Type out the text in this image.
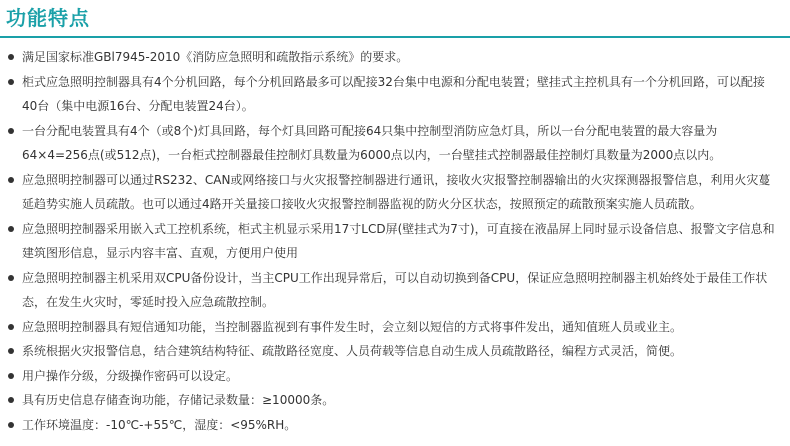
功能特点
满足国家标准GBl7945-2010《消防应急照明和疏散指示系统》的要求。
柜式应急照明控制器具有4个分机回路，每个分机回路最多可以配接32台集中电源和分配电装置；壁挂式主控机具有一个分机回路，可以配接40台（集中电源16台、分配电装置24台）。
一台分配电装置具有4个（或8个)灯具回路，每个灯具回路可配接64只集中控制型消防应急灯具，所以一台分配电装置的最大容量为64×4=256点(或512点)，一台柜式控制器最佳控制灯具数量为6000点以内，一台壁挂式控制器最佳控制灯具数量为2000点以内。
应急照明控制器可以通过RS232、CAN或网络接口与火灾报警控制器进行通讯，接收火灾报警控制器输出的火灾探测器报警信息，利用火灾蔓延趋势实施人员疏散。也可以通过4路开关量接口接收火灾报警控制器监视的防火分区状态，按照预定的疏散预案实施人员疏散。
应急照明控制器采用嵌入式工控机系统，柜式主机显示采用17寸LCD屏(壁挂式为7寸)，可直接在液晶屏上同时显示设备信息、报警文字信息和建筑图形信息，显示内容丰富、直观，方便用户使用
应急照明控制器主机采用双CPU备份设计，当主CPU工作出现异常后，可以自动切换到备CPU，保证应急照明控制器主机始终处于最佳工作状态，在发生火灾时，零延时投入应急疏散控制。
应急照明控制器具有短信通知功能，当控制器监视到有事件发生时，会立刻以短信的方式将事件发出，通知值班人员或业主。
系统根据火灾报警信息，结合建筑结构特征、疏散路径宽度、人员荷载等信息自动生成人员疏散路径，编程方式灵活，简便。
用户操作分级，分级操作密码可以设定。
具有历史信息存储查询功能，存储记录数量：≥10000条。
工作环境温度：-10℃-+55℃，湿度：<95%RH。
